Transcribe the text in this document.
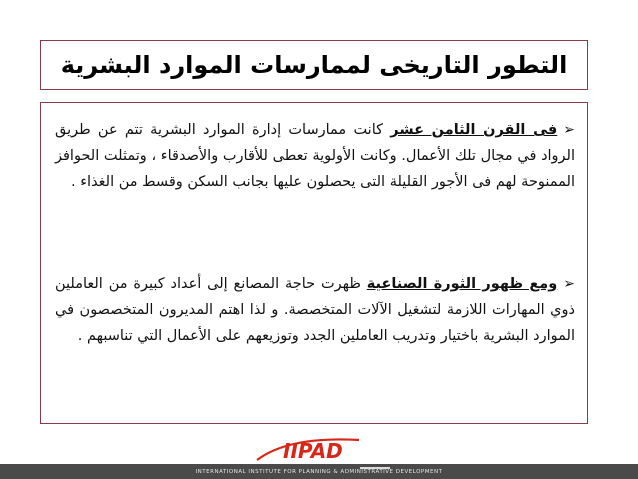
التطور التاريخى لممارسات الموارد البشرية
➢فى القرن الثامن عشر كانت ممارسات إدارة الموارد البشرية تتم عن طريق الرواد في مجال تلك الأعمال. وكانت الأولوية تعطى للأقارب والأصدقاء ، وتمثلت الحوافز الممنوحة لهم فى الأجور القليلة التى يحصلون عليها بجانب السكن وقسط من الغذاء .
➢ومع ظهور الثورة الصناعية ظهرت حاجة المصانع إلى أعداد كبيرة من العاملين ذوي المهارات اللازمة لتشغيل الآلات المتخصصة. و لذا اهتم المديرون المتخصصون في الموارد البشرية باختيار وتدريب العاملين الجدد وتوزيعهم على الأعمال التي تناسبهم .
IIPAD
INTERNATIONAL INSTITUTE FOR PLANNING & ADMINISTRATIVE DEVELOPMENT
